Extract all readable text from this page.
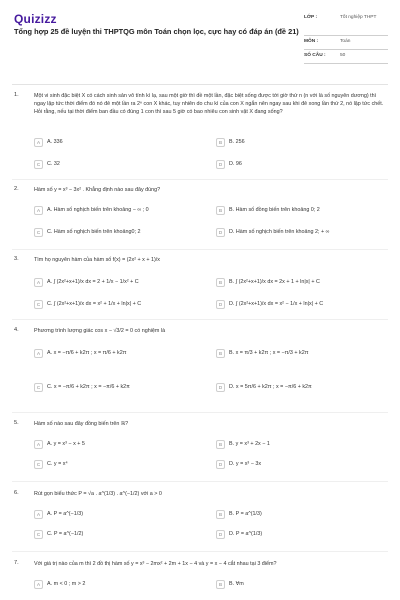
Quizizz
Tổng hợp 25 đề luyện thi THPTQG môn Toán chọn lọc, cực hay có đáp án (đề 21)
LỚP :	Tốt nghiệp THPT
MÔN :	Toán
SỐ CÂU :	50
1.	Một vi sinh đặc biệt X có cách sinh sản vô tính kì lạ, sau một giờ thì đề một lần, đặc biệt sống được tới giờ thứ n (n với là số nguyên dương) thì ngay lập tức thời điểm đó nó đẻ một lần ra 2ⁿ con X khác, tuy nhiên do chu kì của con X ngắn nên ngay sau khi đẻ xong lần thứ 2, nó lập tức chết. Hỏi rằng, nếu tại thời điểm ban đầu có đúng 1 con thì sau 5 giờ có bao nhiêu con sinh vật X đang sống?
A	A. 336	B	B. 256
C	C. 32	D	D. 96
2.	Hàm số y = x³ − 3x² . Khẳng định nào sau đây đúng?
A	A. Hàm số nghịch biến trên khoảng − ∞ ; 0	B	B. Hàm số đồng biến trên khoảng 0; 2
C	C. Hàm số nghịch biến trên khoảng0; 2	D	D. Hàm số nghịch biến trên khoảng 2; + ∞
3.	Tìm họ nguyên hàm của hàm số f(x) = (2x² + x + 1)/x
A	A. ∫ (2x²+x+1)/x dx = 2 + 1/x − 1/x² + C	B	B. ∫ (2x²+x+1)/x dx = 2x + 1 + ln|x| + C
C	C. ∫ (2x²+x+1)/x dx = x² + 1/x + ln|x| + C	D	D. ∫ (2x²+x+1)/x dx = x² − 1/x + ln|x| + C
4.	Phương trình lượng giác cos x − √3/2 = 0 có nghiệm là
A	A. x = −π/6 + k2π ; x = π/6 + k2π	B	B. x = π/3 + k2π ; x = −π/3 + k2π
C	C. x = −π/6 + k2π ; x = −π/6 + k2π	D	D. x = 5π/6 + k2π ; x = −π/6 + k2π
5.	Hàm số nào sau đây đồng biến trên ℝ?
A	A. y = x³ − x + 5	B	B. y = x³ + 2x − 1
C	C. y = x⁴	D	D. y = x³ − 3x
6.	Rút gọn biểu thức P = √a . a^(1/3) . a^(−1/2) với a > 0
A	A. P = a^(−1/3)	B	B. P = a^(1/3)
C	C. P = a^(−1/2)	D	D. P = a^(1/3)
7.	Với giá trị nào của m thì 2 đồ thị hàm số y = x³ − 2mx² + 2m + 1x − 4 và y = x − 4 cắt nhau tại 3 điểm?
A	A. m < 0 ; m > 2	B	B. ∀m
